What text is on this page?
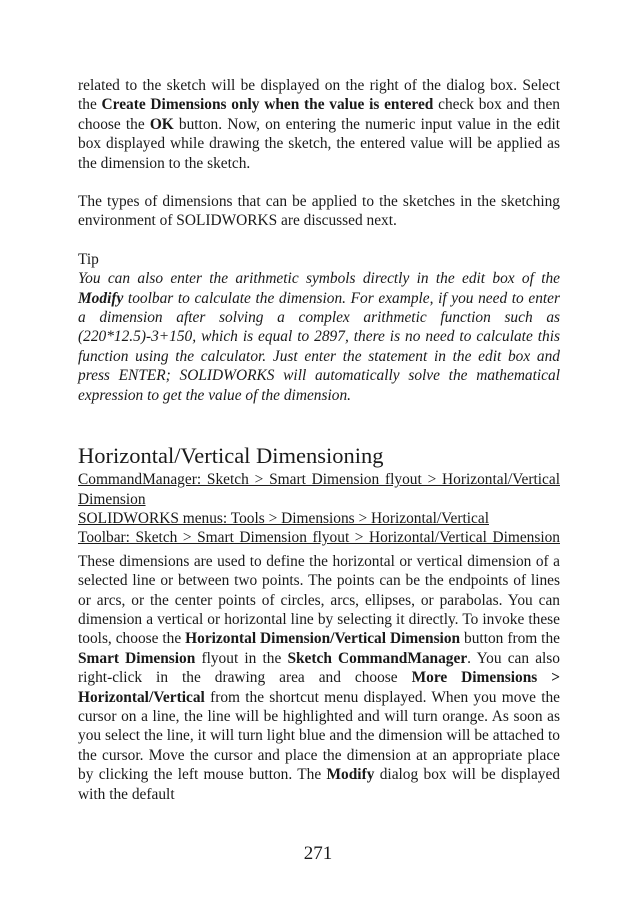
related to the sketch will be displayed on the right of the dialog box. Select the Create Dimensions only when the value is entered check box and then choose the OK button. Now, on entering the numeric input value in the edit box displayed while drawing the sketch, the entered value will be applied as the dimension to the sketch.

The types of dimensions that can be applied to the sketches in the sketching environment of SOLIDWORKS are discussed next.

Tip

You can also enter the arithmetic symbols directly in the edit box of the Modify toolbar to calculate the dimension. For example, if you need to enter a dimension after solving a complex arithmetic function such as (220*12.5)-3+150, which is equal to 2897, there is no need to calculate this function using the calculator. Just enter the statement in the edit box and press ENTER; SOLIDWORKS will automatically solve the mathematical expression to get the value of the dimension.

Horizontal/Vertical Dimensioning
CommandManager: Sketch > Smart Dimension flyout > Horizontal/Vertical Dimension
SOLIDWORKS menus: Tools > Dimensions > Horizontal/Vertical
Toolbar: Sketch > Smart Dimension flyout > Horizontal/Vertical Dimension

These dimensions are used to define the horizontal or vertical dimension of a selected line or between two points. The points can be the endpoints of lines or arcs, or the center points of circles, arcs, ellipses, or parabolas. You can dimension a vertical or horizontal line by selecting it directly. To invoke these tools, choose the Horizontal Dimension/Vertical Dimension button from the Smart Dimension flyout in the Sketch CommandManager. You can also right-click in the drawing area and choose More Dimensions > Horizontal/Vertical from the shortcut menu displayed. When you move the cursor on a line, the line will be highlighted and will turn orange. As soon as you select the line, it will turn light blue and the dimension will be attached to the cursor. Move the cursor and place the dimension at an appropriate place by clicking the left mouse button. The Modify dialog box will be displayed with the default

271
